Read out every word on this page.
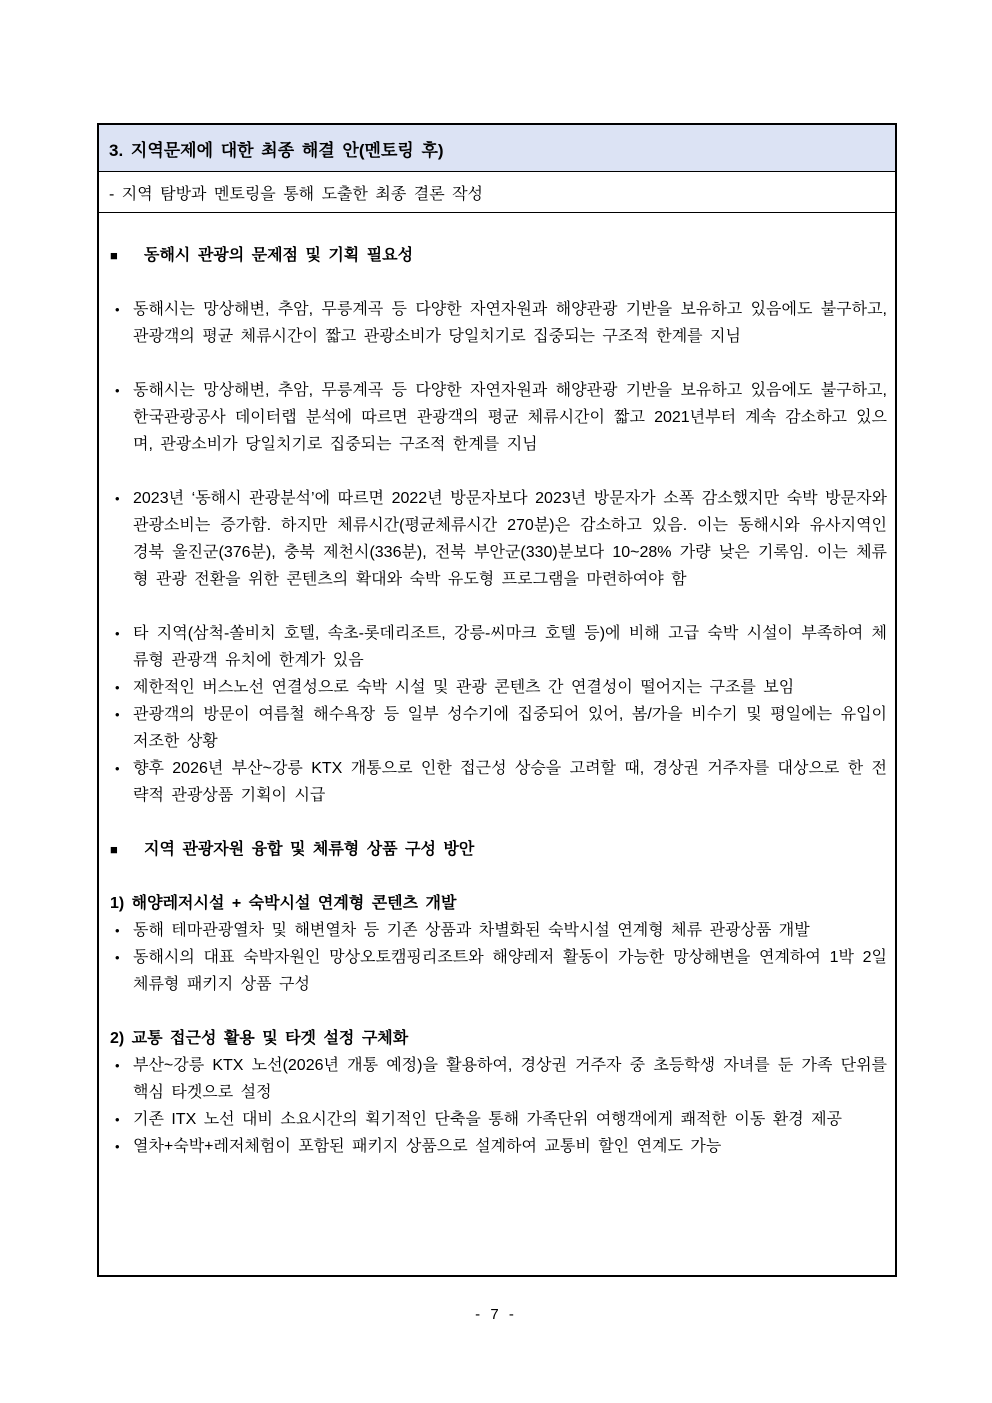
3. 지역문제에 대한 최종 해결 안(멘토링 후)
- 지역 탐방과 멘토링을 통해 도출한 최종 결론 작성

■	동해시 관광의 문제점 및 기획 필요성

• 동해시는 망상해변, 추암, 무릉계곡 등 다양한 자연자원과 해양관광 기반을 보유하고 있음에도 불구하고, 관광객의 평균 체류시간이 짧고 관광소비가 당일치기로 집중되는 구조적 한계를 지님
• 동해시는 망상해변, 추암, 무릉계곡 등 다양한 자연자원과 해양관광 기반을 보유하고 있음에도 불구하고, 한국관광공사 데이터랩 분석에 따르면 관광객의 평균 체류시간이 짧고 2021년부터 계속 감소하고 있으며, 관광소비가 당일치기로 집중되는 구조적 한계를 지님
• 2023년 ‘동해시 관광분석’에 따르면 2022년 방문자보다 2023년 방문자가 소폭 감소했지만 숙박 방문자와 관광소비는 증가함. 하지만 체류시간(평균체류시간 270분)은 감소하고 있음. 이는 동해시와 유사지역인 경북 울진군(376분), 충북 제천시(336분), 전북 부안군(330)분보다 10~28% 가량 낮은 기록임. 이는 체류형 관광 전환을 위한 콘텐츠의 확대와 숙박 유도형 프로그램을 마련하여야 함
• 타 지역(삼척-쏠비치 호텔, 속초-롯데리조트, 강릉-씨마크 호텔 등)에 비해 고급 숙박 시설이 부족하여 체류형 관광객 유치에 한계가 있음
• 제한적인 버스노선 연결성으로 숙박 시설 및 관광 콘텐츠 간 연결성이 떨어지는 구조를 보임
• 관광객의 방문이 여름철 해수욕장 등 일부 성수기에 집중되어 있어, 봄/가을 비수기 및 평일에는 유입이 저조한 상황
• 향후 2026년 부산~강릉 KTX 개통으로 인한 접근성 상승을 고려할 때, 경상권 거주자를 대상으로 한 전략적 관광상품 기획이 시급

■	지역 관광자원 융합 및 체류형 상품 구성 방안

1) 해양레저시설 + 숙박시설 연계형 콘텐츠 개발

• 동해 테마관광열차 및 해변열차 등 기존 상품과 차별화된 숙박시설 연계형 체류 관광상품 개발
• 동해시의 대표 숙박자원인 망상오토캠핑리조트와 해양레저 활동이 가능한 망상해변을 연계하여 1박 2일 체류형 패키지 상품 구성

2) 교통 접근성 활용 및 타겟 설정 구체화

• 부산~강릉 KTX 노선(2026년 개통 예정)을 활용하여, 경상권 거주자 중 초등학생 자녀를 둔 가족 단위를 핵심 타겟으로 설정
• 기존 ITX 노선 대비 소요시간의 획기적인 단축을 통해 가족단위 여행객에게 쾌적한 이동 환경 제공
• 열차+숙박+레저체험이 포함된 패키지 상품으로 설계하여 교통비 할인 연계도 가능
- 7 -
